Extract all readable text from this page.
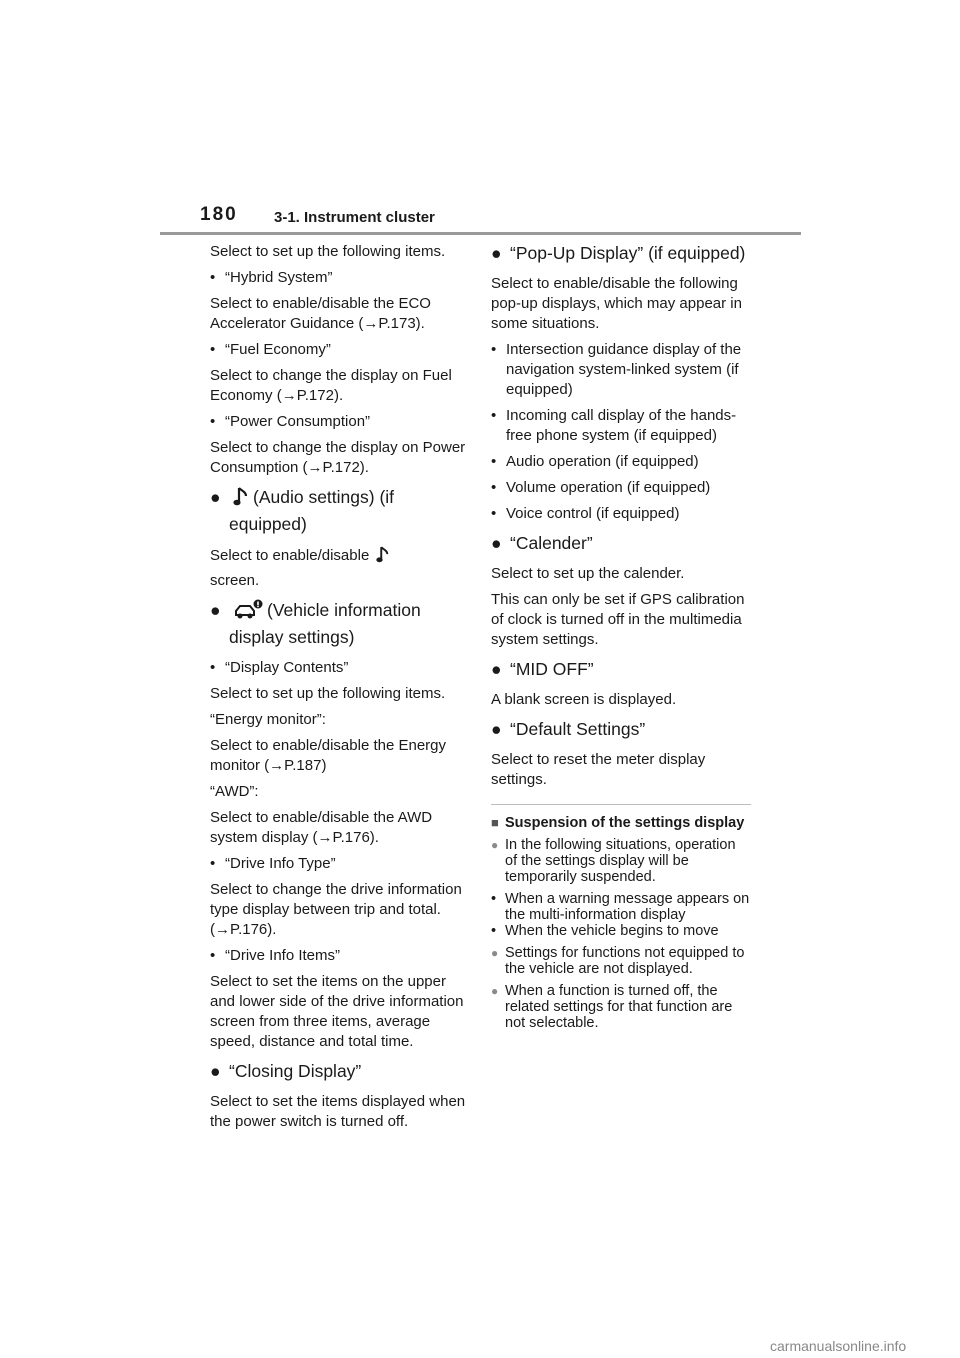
180 3-1. Instrument cluster

Select to set up the following items.

• “Hybrid System”

Select to enable/disable the ECO Accelerator Guidance (→P.173).

• “Fuel Economy”

Select to change the display on Fuel Economy (→P.172).

• “Power Consumption”

Select to change the display on Power Consumption (→P.172).

● (Audio settings) (if equipped)

Select to enable/disable
screen.

●	(Vehicle information display settings)

• “Display Contents”

Select to set up the following items.

“Energy monitor”:

Select to enable/disable the Energy monitor (→P.187)

“AWD”:

Select to enable/disable the AWD system display (→P.176).

• “Drive Info Type”

Select to change the drive information type display between trip and total. (→P.176).

• “Drive Info Items”

Select to set the items on the upper and lower side of the drive information screen from three items, average speed, distance and total time.

● “Closing Display”

Select to set the items displayed when the power switch is turned off.

● “Pop-Up Display” (if equipped)

Select to enable/disable the following pop-up displays, which may appear in some situations.

• Intersection guidance display of the navigation system-linked system (if equipped)

• Incoming call display of the hands-free phone system (if equipped)

• Audio operation (if equipped)

• Volume operation (if equipped)

• Voice control (if equipped)

● “Calender”

Select to set up the calender.

This can only be set if GPS calibration of clock is turned off in the multimedia system settings.

● “MID OFF”

A blank screen is displayed.

● “Default Settings”

Select to reset the meter display settings.

■ Suspension of the settings display
● In the following situations, operation of the settings display will be temporarily suspended.
• When a warning message appears on the multi-information display
• When the vehicle begins to move
● Settings for functions not equipped to the vehicle are not displayed.
● When a function is turned off, the related settings for that function are not selectable.
carmanualsonline.info
